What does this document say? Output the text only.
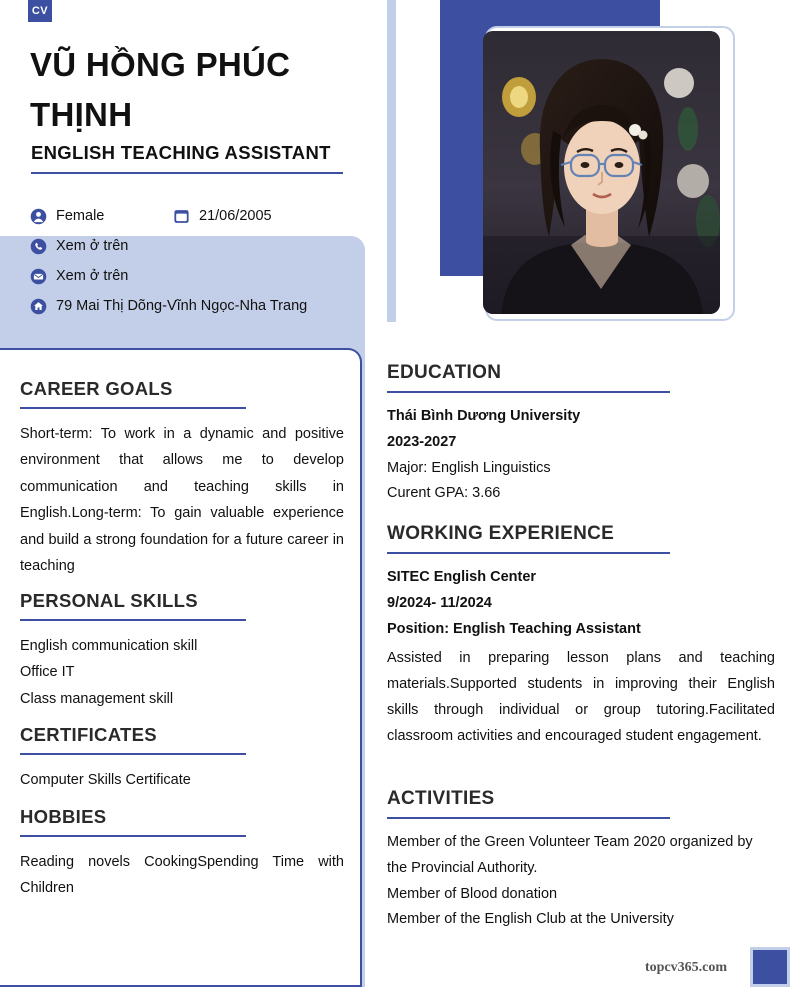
CV
VŨ HỒNG PHÚC THỊNH
ENGLISH TEACHING ASSISTANT
Female	21/06/2005
Xem ở trên
Xem ở trên
79 Mai Thị Dõng-Vĩnh Ngọc-Nha Trang
CAREER GOALS
Short-term: To work in a dynamic and positive environment that allows me to develop communication and teaching skills in English.Long-term: To gain valuable experience and build a strong foundation for a future career in teaching
PERSONAL SKILLS
English communication skill
Office IT
Class management skill
CERTIFICATES
Computer Skills Certificate
HOBBIES
Reading novels CookingSpending Time with Children
EDUCATION
Thái Bình Dương University
2023-2027
Major: English Linguistics
Curent GPA: 3.66
WORKING EXPERIENCE
SITEC English Center
9/2024- 11/2024
Position: English Teaching Assistant
Assisted in preparing lesson plans and teaching materials.Supported students in improving their English skills through individual or group tutoring.Facilitated classroom activities and encouraged student engagement.
ACTIVITIES
Member of the Green Volunteer Team 2020 organized by the Provincial Authority.
Member of Blood donation
Member of the English Club at the University
topcv365.com
